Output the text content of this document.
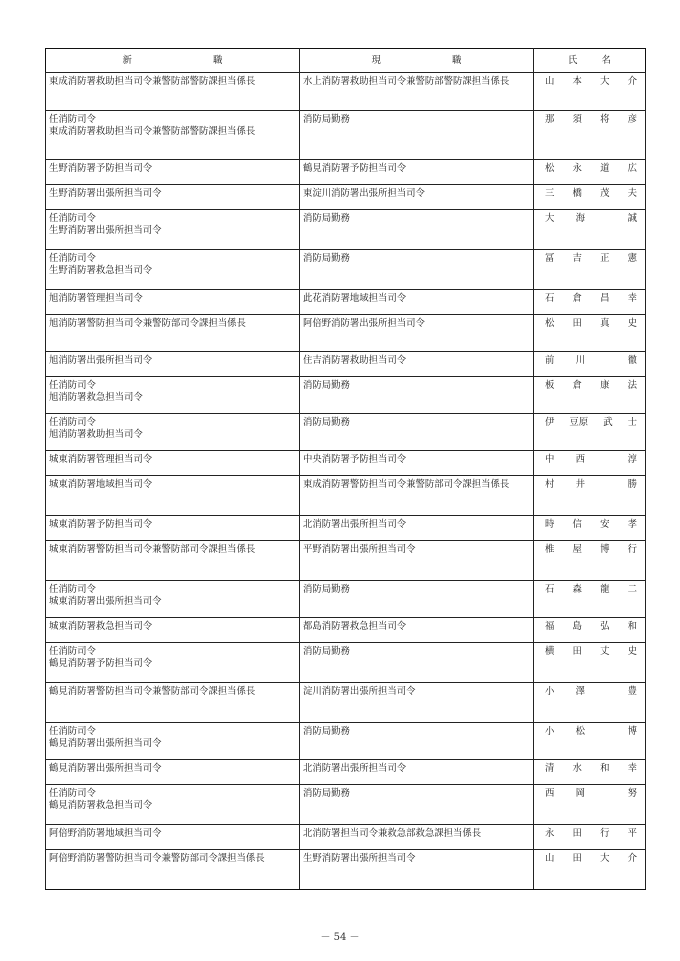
新 職	現 職	氏 名

東成消防署救助担当司令兼警防部警防課担当係長	水上消防署救助担当司令兼警防部警防課担当係長	山 本 大 介

任消防司令
東成消防署救助担当司令兼警防部警防課担当係長	消防局勤務	那 須 将 彦

生野消防署予防担当司令	鶴見消防署予防担当司令	松 永 道 広

生野消防署出張所担当司令	東淀川消防署出張所担当司令	三 橋 茂 夫

任消防司令
生野消防署出張所担当司令	消防局勤務	大 海 誠

任消防司令
生野消防署救急担当司令	消防局勤務	冨 吉 正 憲

旭消防署管理担当司令	此花消防署地域担当司令	石 倉 昌 幸

旭消防署警防担当司令兼警防部司令課担当係長	阿倍野消防署出張所担当司令	松 田 真 史

旭消防署出張所担当司令	住吉消防署救助担当司令	前 川 徹

任消防司令
旭消防署救急担当司令	消防局勤務	板 倉 康 法

任消防司令
旭消防署救助担当司令	消防局勤務	伊 豆原 武 士

城東消防署管理担当司令	中央消防署予防担当司令	中 西 淳

城東消防署地域担当司令	東成消防署警防担当司令兼警防部司令課担当係長	村 井 勝

城東消防署予防担当司令	北消防署出張所担当司令	時 信 安 孝

城東消防署警防担当司令兼警防部司令課担当係長	平野消防署出張所担当司令	椎 屋 博 行

任消防司令
城東消防署出張所担当司令	消防局勤務	石 森 龍 二

城東消防署救急担当司令	都島消防署救急担当司令	福 島 弘 和

任消防司令
鶴見消防署予防担当司令	消防局勤務	横 田 丈 史

鶴見消防署警防担当司令兼警防部司令課担当係長	淀川消防署出張所担当司令	小 澤 豊

任消防司令
鶴見消防署出張所担当司令	消防局勤務	小 松 博

鶴見消防署出張所担当司令	北消防署出張所担当司令	清 水 和 幸

任消防司令
鶴見消防署救急担当司令	消防局勤務	西 岡 努

阿倍野消防署地域担当司令	北消防署担当司令兼救急部救急課担当係長	永 田 行 平

阿倍野消防署警防担当司令兼警防部司令課担当係長	生野消防署出張所担当司令	山 田 大 介
－ 54 －
